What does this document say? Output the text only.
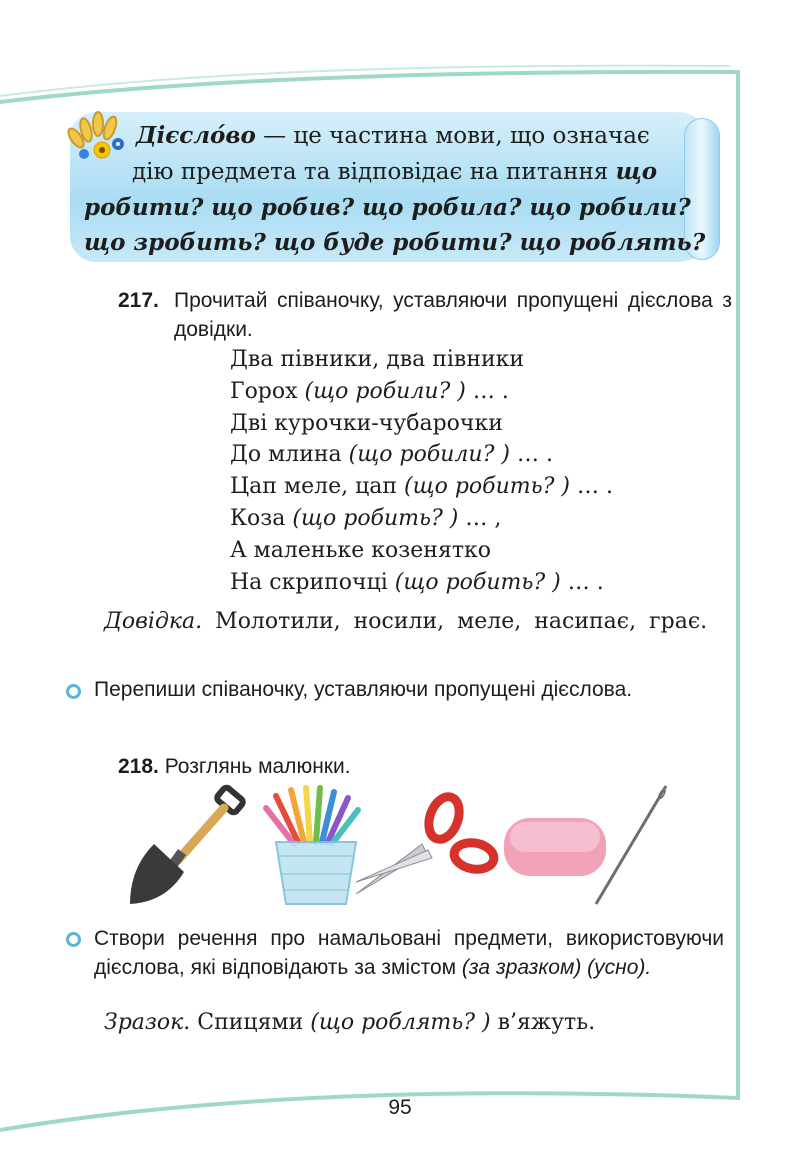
Дієсло́во — це частина мови, що означає
дію предмета та відповідає на питання що
робити? що робив? що робила? що робили?
що зробить? що буде робити? що роблять?
217. Прочитай співаночку, уставляючи пропущені дієслова з довідки.
Два півники, два півники
Горох (що робили? ) … .
Дві курочки-чубарочки
До млина (що робили? ) … .
Цап меле, цап (що робить? ) … .
Коза (що робить? ) … ,
А маленьке козенятко
На скрипочці (що робить? ) … .
Довідка. Молотили, носили, меле, насипає, грає.
Перепиши співаночку, уставляючи пропущені дієслова.
218. Розглянь малюнки.
Створи речення про намальовані предмети, використовуючи дієслова, які відповідають за змістом (за зразком) (усно).
Зразок. Спицями (що роблять? ) в’яжуть.
95
